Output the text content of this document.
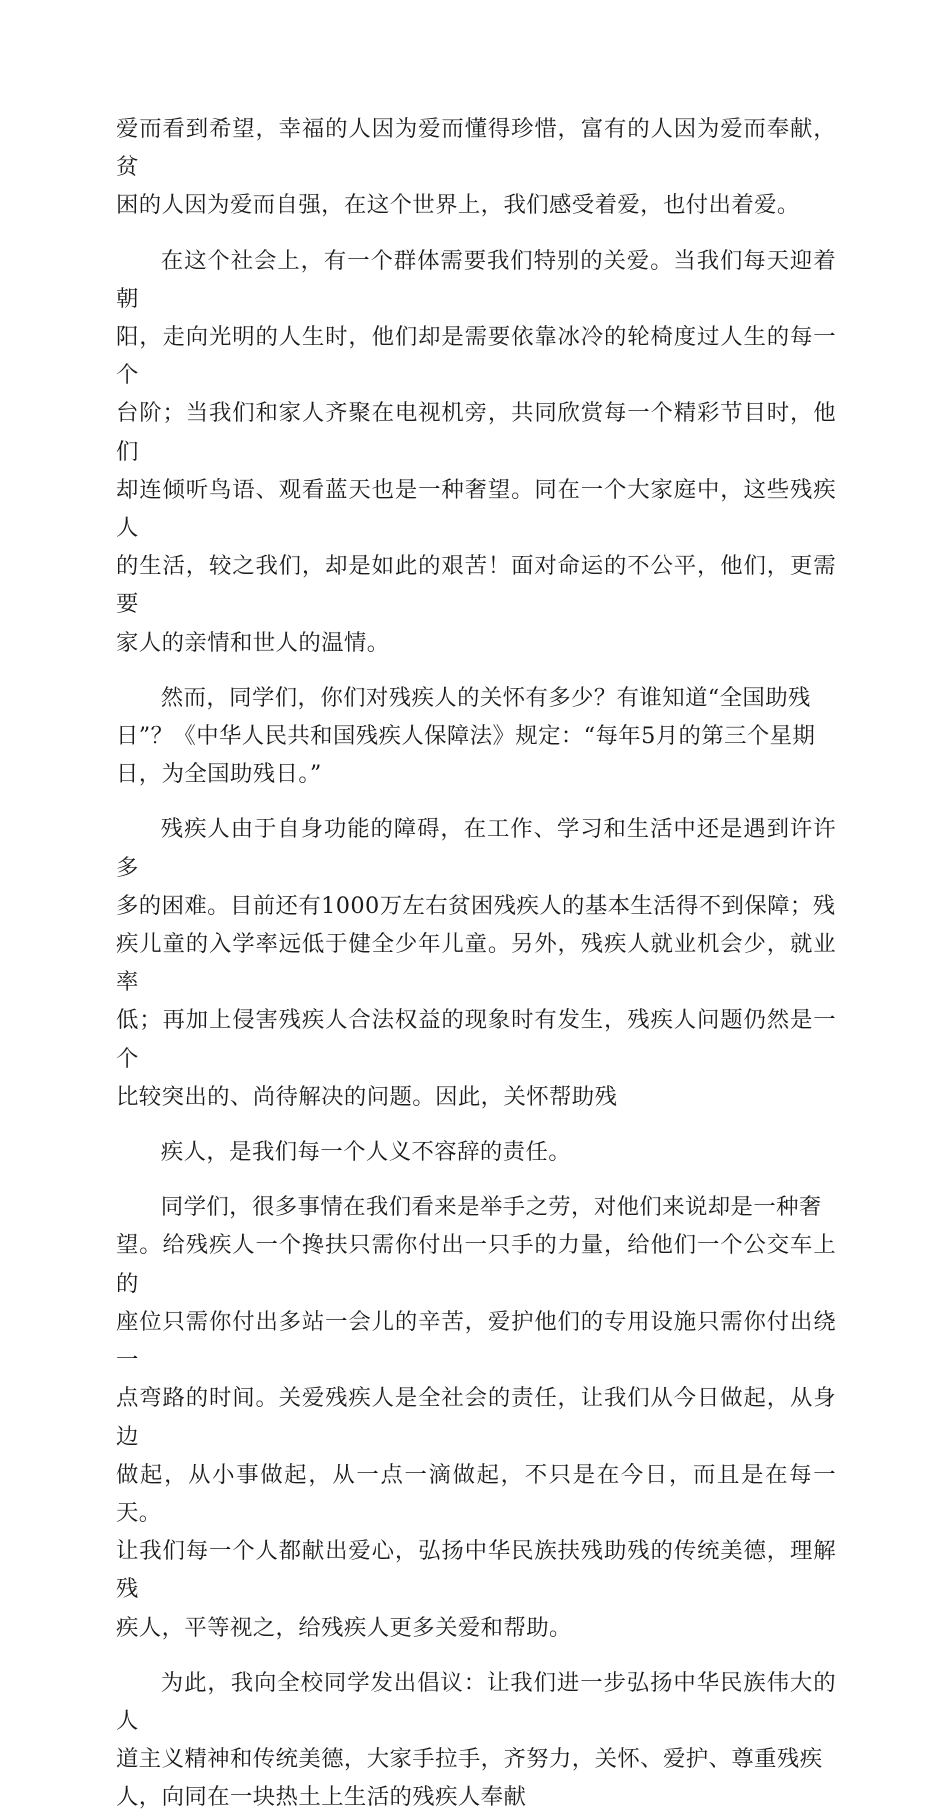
爱而看到希望，幸福的人因为爱而懂得珍惜，富有的人因为爱而奉献，贫
困的人因为爱而自强，在这个世界上，我们感受着爱，也付出着爱。

在这个社会上，有一个群体需要我们特别的关爱。当我们每天迎着朝
阳，走向光明的人生时，他们却是需要依靠冰冷的轮椅度过人生的每一个
台阶；当我们和家人齐聚在电视机旁，共同欣赏每一个精彩节目时，他们
却连倾听鸟语、观看蓝天也是一种奢望。同在一个大家庭中，这些残疾人
的生活，较之我们，却是如此的艰苦！面对命运的不公平，他们，更需要
家人的亲情和世人的温情。

然而，同学们，你们对残疾人的关怀有多少？有谁知道“全国助残
日”？《中华人民共和国残疾人保障法》规定：“每年5月的第三个星期
日，为全国助残日。”

残疾人由于自身功能的障碍，在工作、学习和生活中还是遇到许许多
多的困难。目前还有1000万左右贫困残疾人的基本生活得不到保障；残
疾儿童的入学率远低于健全少年儿童。另外，残疾人就业机会少，就业率
低；再加上侵害残疾人合法权益的现象时有发生，残疾人问题仍然是一个
比较突出的、尚待解决的问题。因此，关怀帮助残

疾人，是我们每一个人义不容辞的责任。

同学们，很多事情在我们看来是举手之劳，对他们来说却是一种奢
望。给残疾人一个搀扶只需你付出一只手的力量，给他们一个公交车上的
座位只需你付出多站一会儿的辛苦，爱护他们的专用设施只需你付出绕一
点弯路的时间。关爱残疾人是全社会的责任，让我们从今日做起，从身边
做起，从小事做起，从一点一滴做起，不只是在今日，而且是在每一天。
让我们每一个人都献出爱心，弘扬中华民族扶残助残的传统美德，理解残
疾人，平等视之，给残疾人更多关爱和帮助。

为此，我向全校同学发出倡议：让我们进一步弘扬中华民族伟大的人
道主义精神和传统美德，大家手拉手，齐努力，关怀、爱护、尊重残疾
人，向同在一块热土上生活的残疾人奉献
